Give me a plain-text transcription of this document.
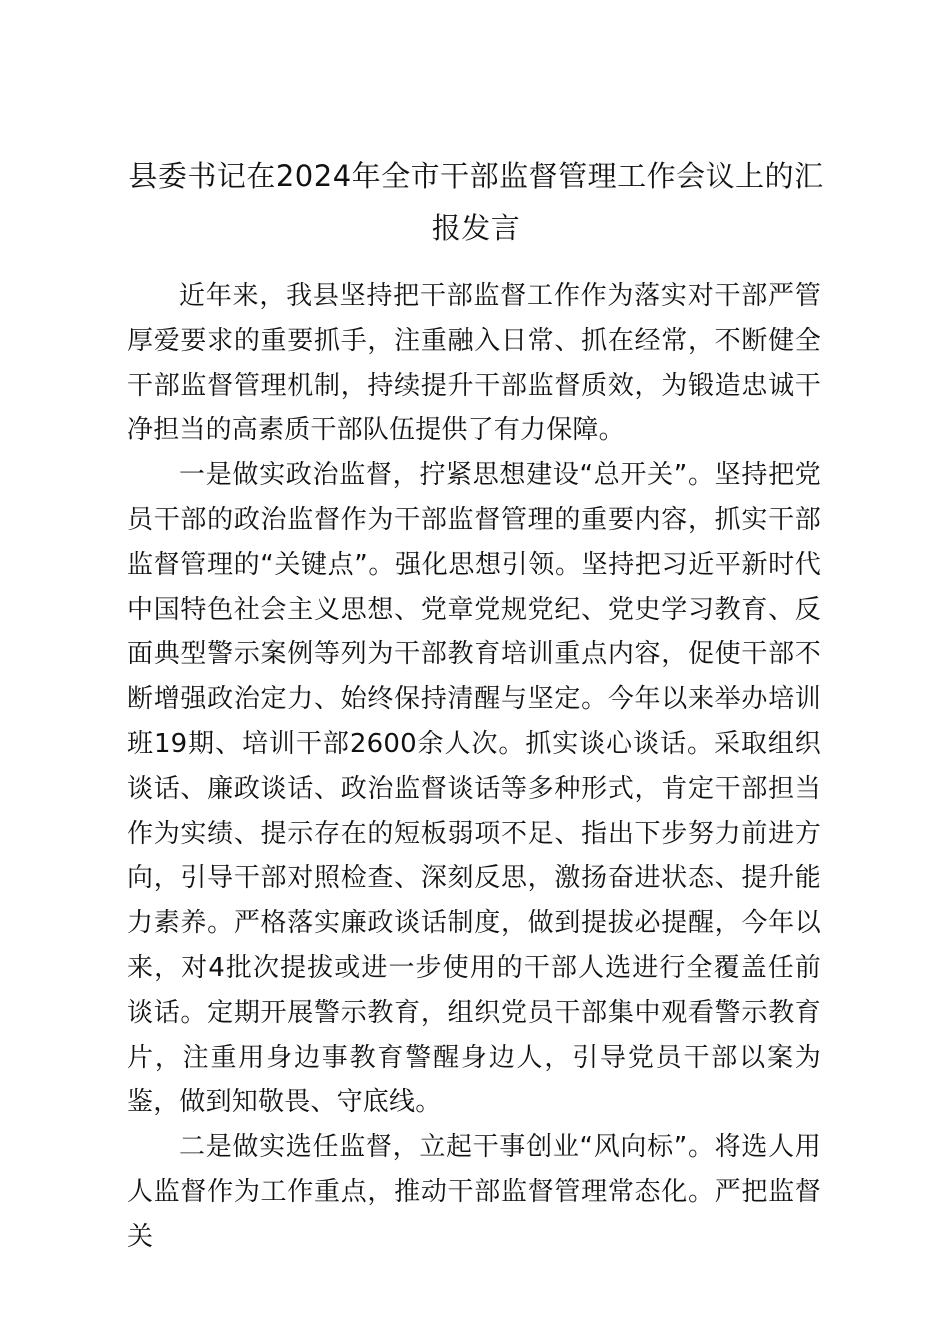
县委书记在2024年全市干部监督管理工作会议上的汇报发言

近年来，我县坚持把干部监督工作作为落实对干部严管厚爱要求的重要抓手，注重融入日常、抓在经常，不断健全干部监督管理机制，持续提升干部监督质效，为锻造忠诚干净担当的高素质干部队伍提供了有力保障。

一是做实政治监督，拧紧思想建设“总开关”。坚持把党员干部的政治监督作为干部监督管理的重要内容，抓实干部监督管理的“关键点”。强化思想引领。坚持把习近平新时代中国特色社会主义思想、党章党规党纪、党史学习教育、反面典型警示案例等列为干部教育培训重点内容，促使干部不断增强政治定力、始终保持清醒与坚定。今年以来举办培训班19期、培训干部2600余人次。抓实谈心谈话。采取组织谈话、廉政谈话、政治监督谈话等多种形式，肯定干部担当作为实绩、提示存在的短板弱项不足、指出下步努力前进方向，引导干部对照检查、深刻反思，激扬奋进状态、提升能力素养。严格落实廉政谈话制度，做到提拔必提醒，今年以来，对4批次提拔或进一步使用的干部人选进行全覆盖任前谈话。定期开展警示教育，组织党员干部集中观看警示教育片，注重用身边事教育警醒身边人，引导党员干部以案为鉴，做到知敬畏、守底线。

二是做实选任监督，立起干事创业“风向标”。将选人用人监督作为工作重点，推动干部监督管理常态化。严把监督关
